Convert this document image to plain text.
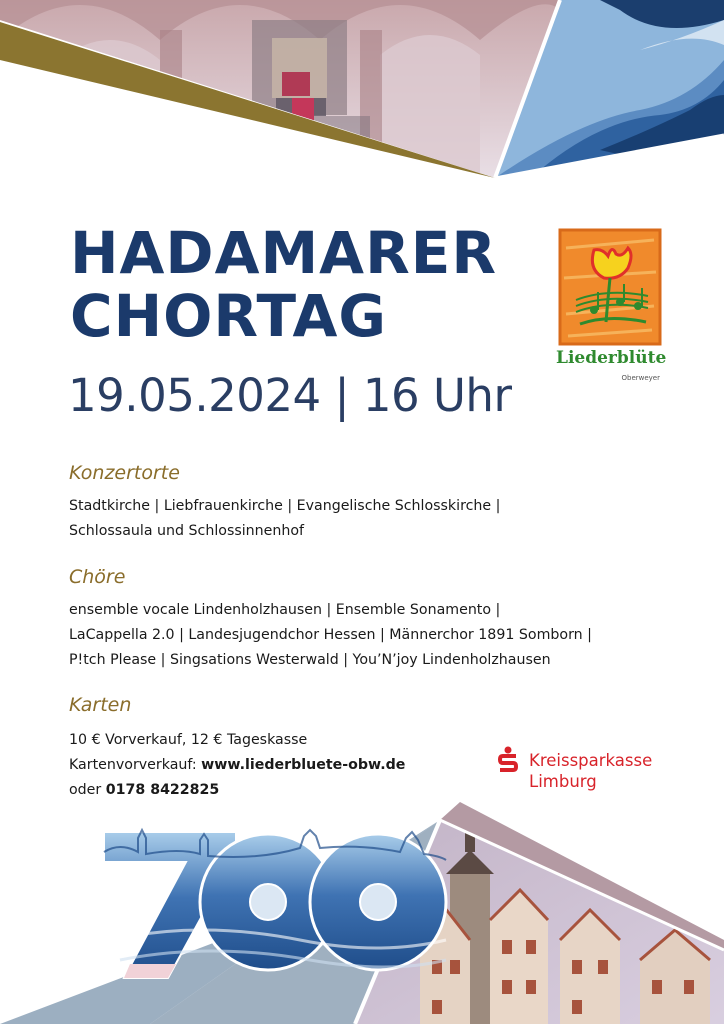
HADAMARER
CHORTAG
19.05.2024 | 16 Uhr
Liederblüte
Oberweyer
Konzertorte
Stadtkirche | Liebfrauenkirche | Evangelische Schlosskirche |
Schlossaula und Schlossinnenhof
Chöre
ensemble vocale Lindenholzhausen | Ensemble Sonamento |
LaCappella 2.0 | Landesjugendchor Hessen | Männerchor 1891 Somborn |
P!tch Please | Singsations Westerwald | You’N’joy Lindenholzhausen
Karten
10 € Vorverkauf, 12 € Tageskasse
Kartenvorverkauf: www.liederbluete-obw.de
oder 0178 8422825
Kreissparkasse
Limburg
